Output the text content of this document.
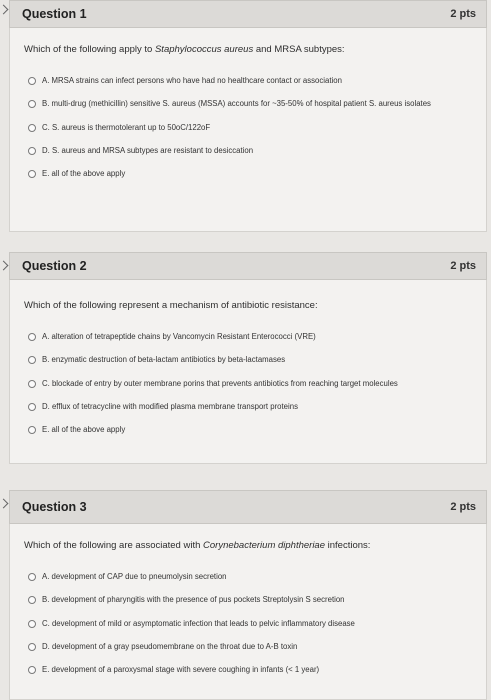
Question 1	2 pts
Which of the following apply to Staphylococcus aureus and MRSA subtypes:
A. MRSA strains can infect persons who have had no healthcare contact or association
B. multi-drug (methicillin) sensitive S. aureus (MSSA) accounts for ~35-50% of hospital patient S. aureus isolates
C. S. aureus is thermotolerant up to 50oC/122oF
D. S. aureus and MRSA subtypes are resistant to desiccation
E. all of the above apply
Question 2	2 pts
Which of the following represent a mechanism of antibiotic resistance:
A. alteration of tetrapeptide chains by Vancomycin Resistant Enterococci (VRE)
B. enzymatic destruction of beta-lactam antibiotics by beta-lactamases
C. blockade of entry by outer membrane porins that prevents antibiotics from reaching target molecules
D. efflux of tetracycline with modified plasma membrane transport proteins
E. all of the above apply
Question 3	2 pts
Which of the following are associated with Corynebacterium diphtheriae infections:
A. development of CAP due to pneumolysin secretion
B. development of pharyngitis with the presence of pus pockets Streptolysin S secretion
C. development of mild or asymptomatic infection that leads to pelvic inflammatory disease
D. development of a gray pseudomembrane on the throat due to A-B toxin
E. development of a paroxysmal stage with severe coughing in infants (< 1 year)
